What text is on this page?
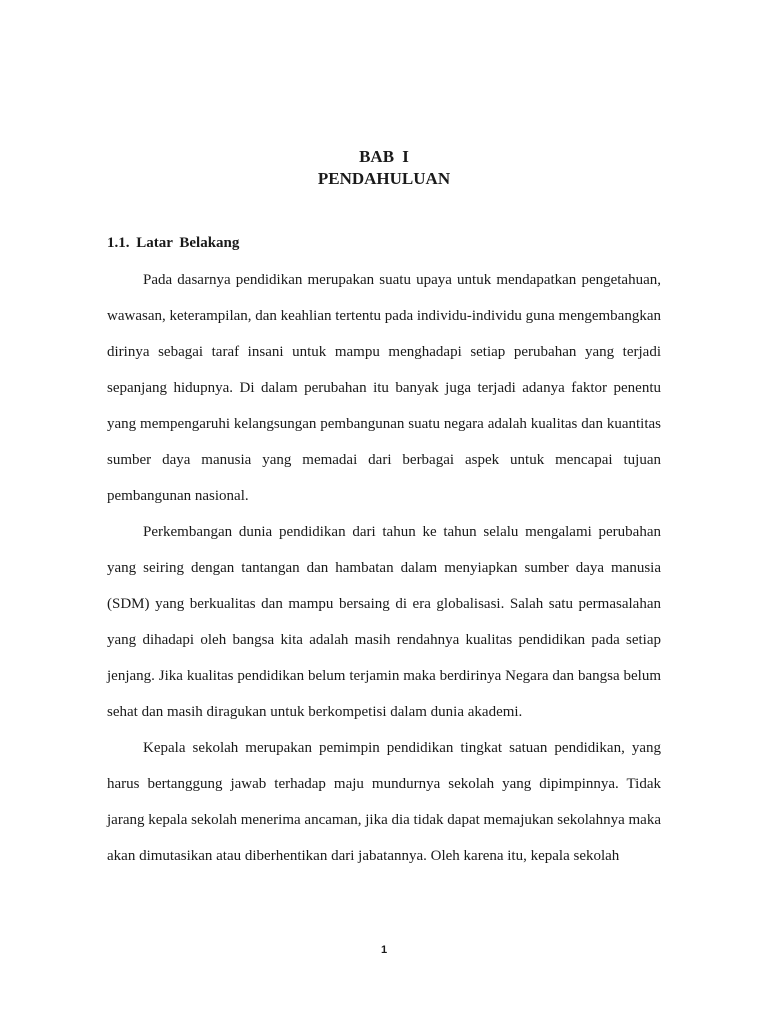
BAB I
PENDAHULUAN
1.1. Latar Belakang

Pada dasarnya pendidikan merupakan suatu upaya untuk mendapatkan pengetahuan, wawasan, keterampilan, dan keahlian tertentu pada individu-individu guna mengembangkan dirinya sebagai taraf insani untuk mampu menghadapi setiap perubahan yang terjadi sepanjang hidupnya. Di dalam perubahan itu banyak juga terjadi adanya faktor penentu yang mempengaruhi kelangsungan pembangunan suatu negara adalah kualitas dan kuantitas sumber daya manusia yang memadai dari berbagai aspek untuk mencapai tujuan pembangunan nasional.

Perkembangan dunia pendidikan dari tahun ke tahun selalu mengalami perubahan yang seiring dengan tantangan dan hambatan dalam menyiapkan sumber daya manusia (SDM) yang berkualitas dan mampu bersaing di era globalisasi. Salah satu permasalahan yang dihadapi oleh bangsa kita adalah masih rendahnya kualitas pendidikan pada setiap jenjang. Jika kualitas pendidikan belum terjamin maka berdirinya Negara dan bangsa belum sehat dan masih diragukan untuk berkompetisi dalam dunia akademi.

Kepala sekolah merupakan pemimpin pendidikan tingkat satuan pendidikan, yang harus bertanggung jawab terhadap maju mundurnya sekolah yang dipimpinnya. Tidak jarang kepala sekolah menerima ancaman, jika dia tidak dapat memajukan sekolahnya maka akan dimutasikan atau diberhentikan dari jabatannya. Oleh karena itu, kepala sekolah

1
